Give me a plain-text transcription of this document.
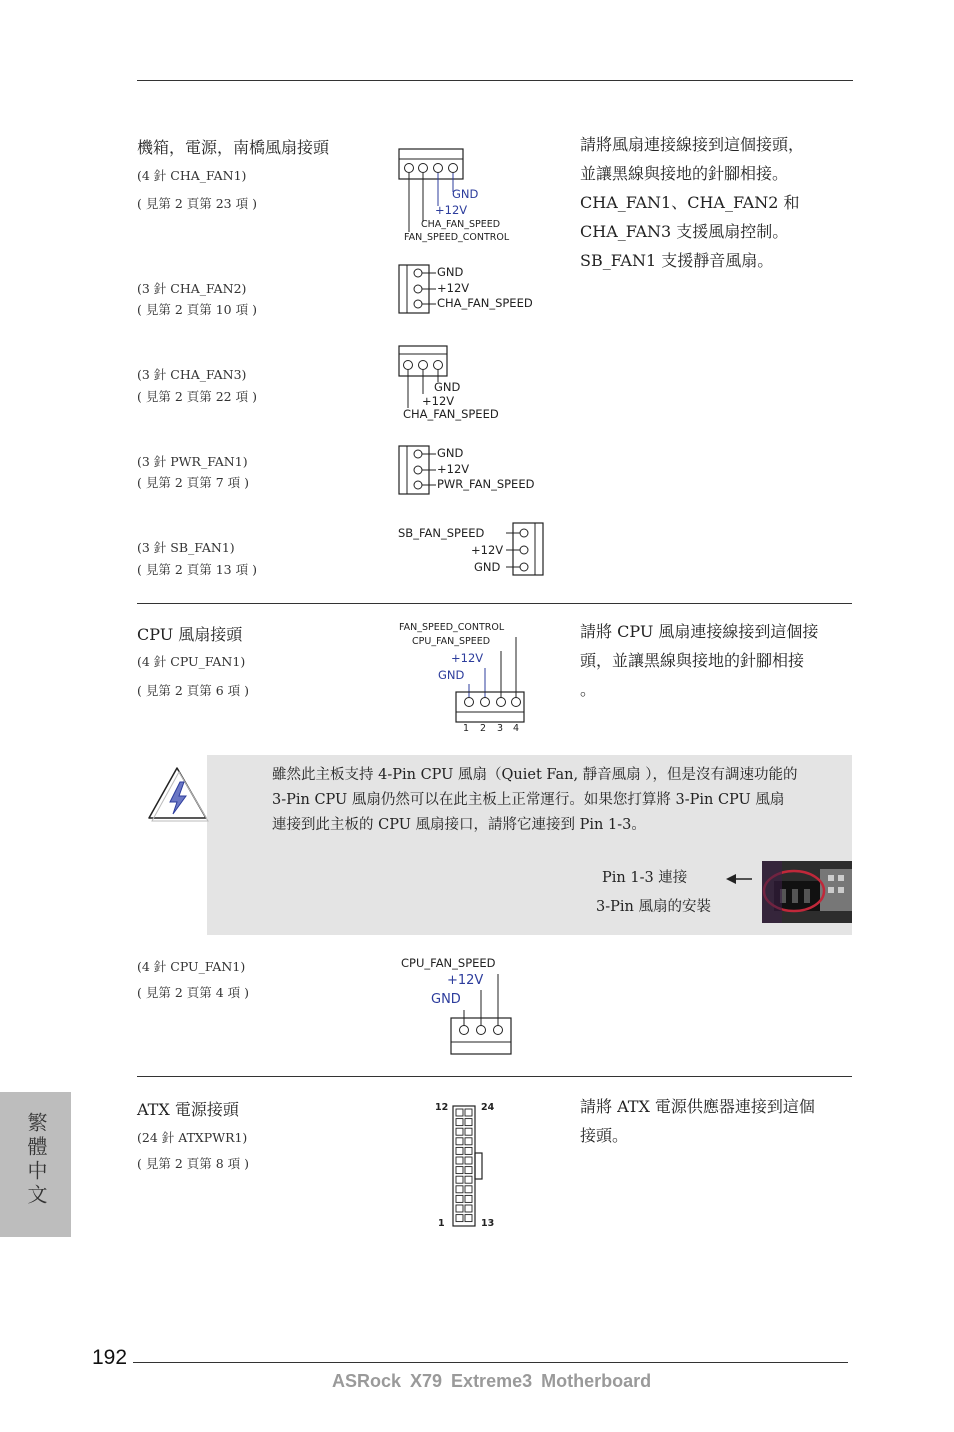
機箱，電源，南橋風扇接頭
(4 針 CHA_FAN1)
( 見第 2 頁第 23 項 )
(3 針 CHA_FAN2)
( 見第 2 頁第 10 項 )
(3 針 CHA_FAN3)
( 見第 2 頁第 22 項 )
(3 針 PWR_FAN1)
( 見第 2 頁第 7 項 )
(3 針 SB_FAN1)
( 見第 2 頁第 13 項 )
請將風扇連接線接到這個接頭，
並讓黑線與接地的針腳相接。
CHA_FAN1、CHA_FAN2 和
CHA_FAN3 支援風扇控制。
SB_FAN1 支援靜音風扇。
GND
+12V
CHA_FAN_SPEED
FAN_SPEED_CONTROL
GND
+12V
CHA_FAN_SPEED
GND
+12V
CHA_FAN_SPEED
GND
+12V
PWR_FAN_SPEED
SB_FAN_SPEED
+12V
GND
CPU 風扇接頭
(4 針 CPU_FAN1)
( 見第 2 頁第 6 項 )
請將 CPU 風扇連接線接到這個接
頭，並讓黑線與接地的針腳相接
。
FAN_SPEED_CONTROL
CPU_FAN_SPEED
+12V
GND
1 2 3 4
雖然此主板支持 4-Pin CPU 風扇（Quiet Fan, 靜音風扇 ），但是沒有調速功能的
3-Pin CPU 風扇仍然可以在此主板上正常運行。如果您打算將 3-Pin CPU 風扇
連接到此主板的 CPU 風扇接口，請將它連接到 Pin 1-3。
Pin 1-3 連接
3-Pin 風扇的安裝
(4 針 CPU_FAN1)
( 見第 2 頁第 4 項 )
CPU_FAN_SPEED
+12V
GND
ATX 電源接頭
(24 針 ATXPWR1)
( 見第 2 頁第 8 項 )
請將 ATX 電源供應器連接到這個
接頭。
12	24
1	13
繁體中文
192
ASRock X79 Extreme3 Motherboard
